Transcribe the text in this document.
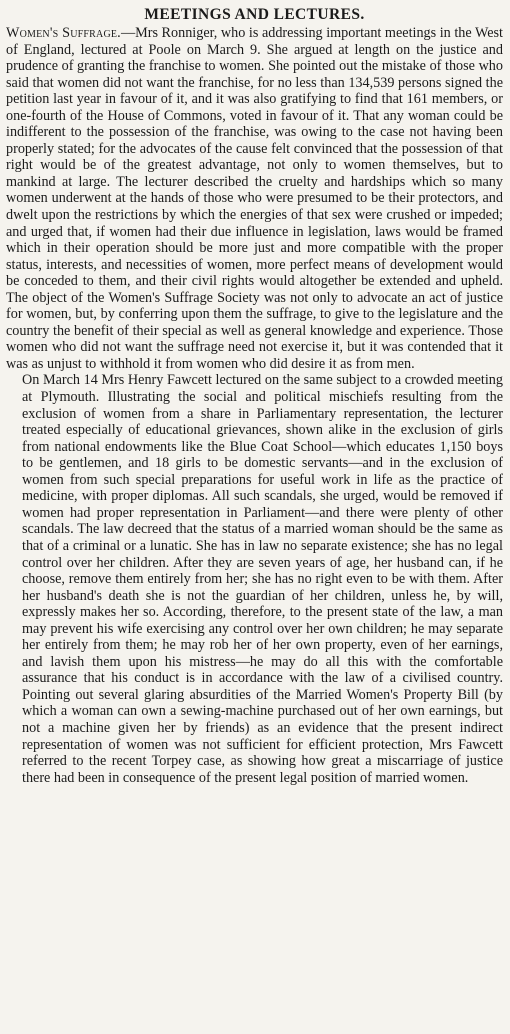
MEETINGS AND LECTURES.

Women's Suffrage.—Mrs Ronniger, who is addressing important meetings in the West of England, lectured at Poole on March 9. She argued at length on the justice and prudence of granting the franchise to women. She pointed out the mistake of those who said that women did not want the franchise, for no less than 134,539 persons signed the petition last year in favour of it, and it was also gratifying to find that 161 members, or one-fourth of the House of Commons, voted in favour of it. That any woman could be indifferent to the possession of the franchise, was owing to the case not having been properly stated; for the advocates of the cause felt convinced that the possession of that right would be of the greatest advantage, not only to women themselves, but to mankind at large. The lecturer described the cruelty and hardships which so many women underwent at the hands of those who were presumed to be their protectors, and dwelt upon the restrictions by which the energies of that sex were crushed or impeded; and urged that, if women had their due influence in legislation, laws would be framed which in their operation should be more just and more compatible with the proper status, interests, and necessities of women, more perfect means of development would be conceded to them, and their civil rights would altogether be extended and upheld. The object of the Women's Suffrage Society was not only to advocate an act of justice for women, but, by conferring upon them the suffrage, to give to the legislature and the country the benefit of their special as well as general knowledge and experience. Those women who did not want the suffrage need not exercise it, but it was contended that it was as unjust to withhold it from women who did desire it as from men.

On March 14 Mrs Henry Fawcett lectured on the same subject to a crowded meeting at Plymouth. Illustrating the social and political mischiefs resulting from the exclusion of women from a share in Parliamentary representation, the lecturer treated especially of educational grievances, shown alike in the exclusion of girls from national endowments like the Blue Coat School—which educates 1,150 boys to be gentlemen, and 18 girls to be domestic servants—and in the exclusion of women from such special preparations for useful work in life as the practice of medicine, with proper diplomas. All such scandals, she urged, would be removed if women had proper representation in Parliament—and there were plenty of other scandals. The law decreed that the status of a married woman should be the same as that of a criminal or a lunatic. She has in law no separate existence; she has no legal control over her children. After they are seven years of age, her husband can, if he choose, remove them entirely from her; she has no right even to be with them. After her husband's death she is not the guardian of her children, unless he, by will, expressly makes her so. According, therefore, to the present state of the law, a man may prevent his wife exercising any control over her own children; he may separate her entirely from them; he may rob her of her own property, even of her earnings, and lavish them upon his mistress—he may do all this with the comfortable assurance that his conduct is in accordance with the law of a civilised country. Pointing out several glaring absurdities of the Married Women's Property Bill (by which a woman can own a sewing-machine purchased out of her own earnings, but not a machine given her by friends) as an evidence that the present indirect representation of women was not sufficient for efficient protection, Mrs Fawcett referred to the recent Torpey case, as showing how great a miscarriage of justice there had been in consequence of the present legal position of married women.
